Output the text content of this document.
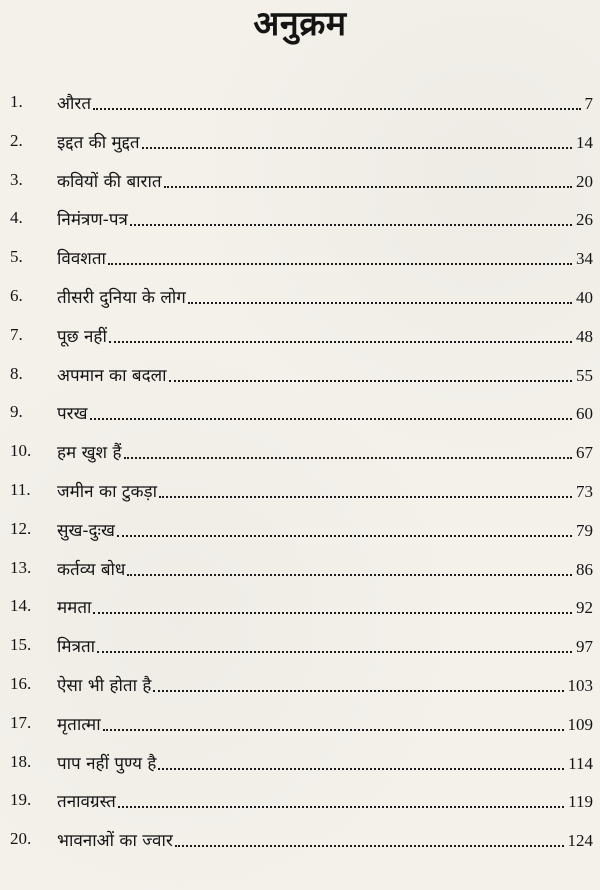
अनुक्रम
1.	औरत	7
2.	इद्दत की मुद्दत	14
3.	कवियों की बारात	20
4.	निमंत्रण-पत्र	26
5.	विवशता	34
6.	तीसरी दुनिया के लोग	40
7.	पूछ नहीं	48
8.	अपमान का बदला	55
9.	परख	60
10.	हम खुश हैं	67
11.	जमीन का टुकड़ा	73
12.	सुख-दुःख	79
13.	कर्तव्य बोध	86
14.	ममता	92
15.	मित्रता	97
16.	ऐसा भी होता है	103
17.	मृतात्मा	109
18.	पाप नहीं पुण्य है	114
19.	तनावग्रस्त	119
20.	भावनाओं का ज्वार	124
